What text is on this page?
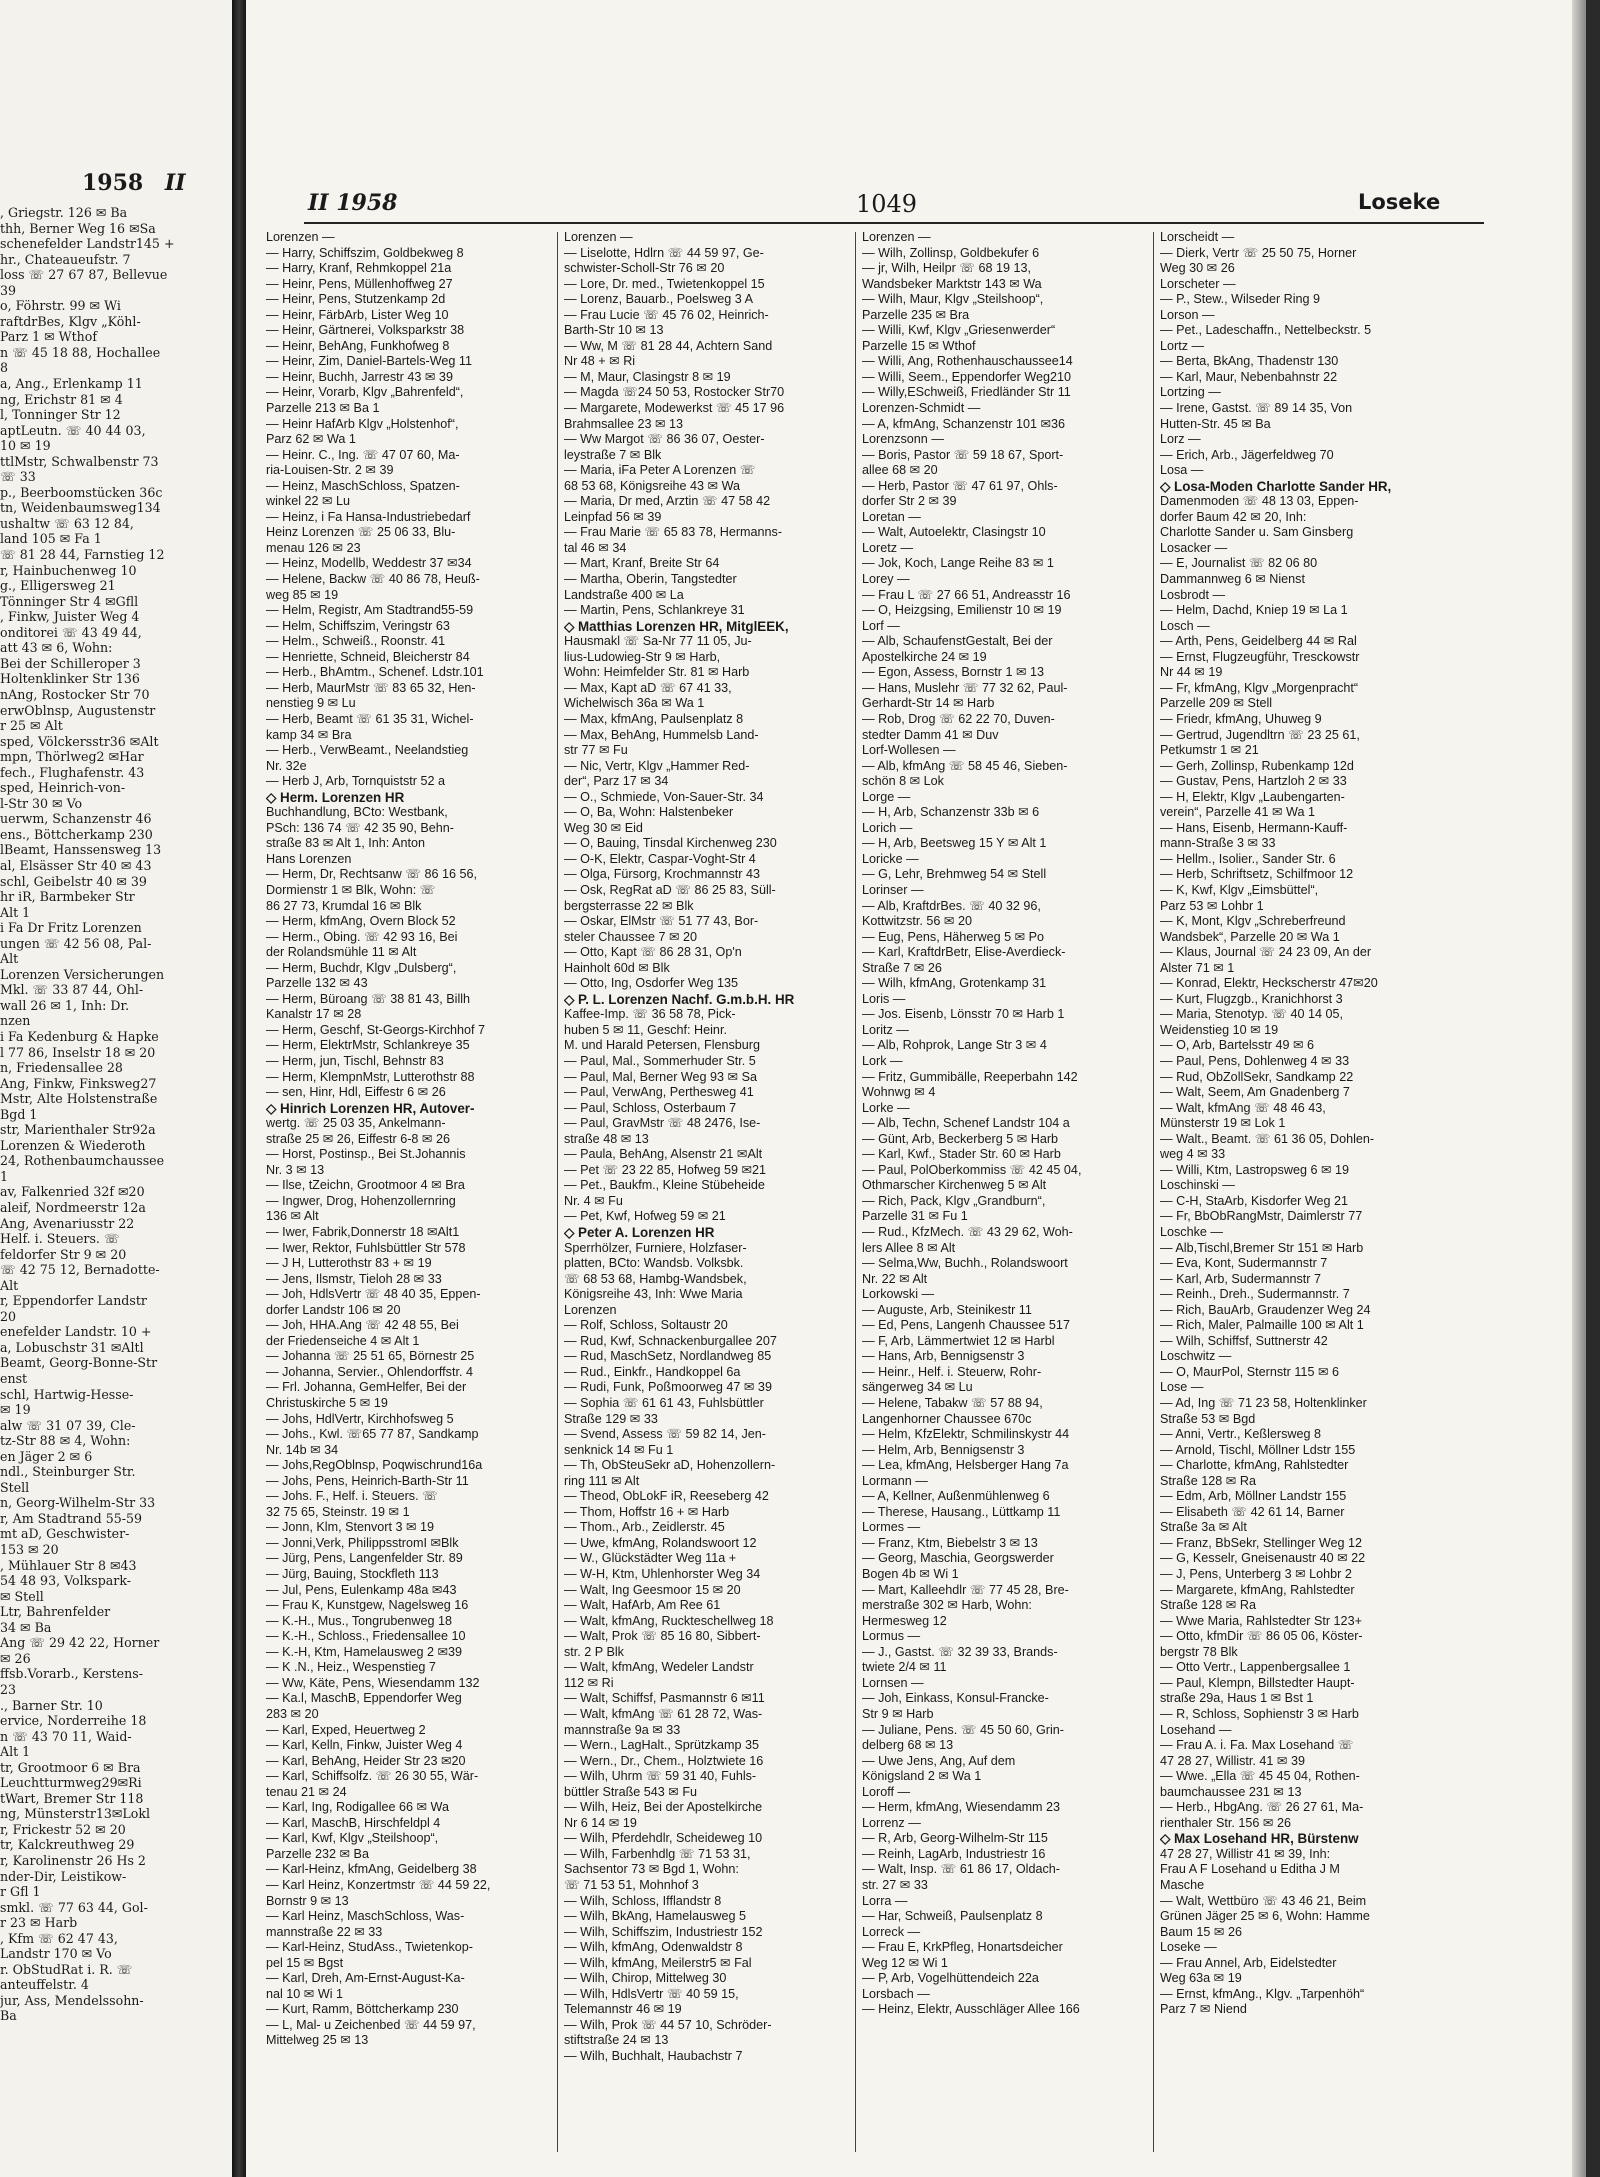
1958 II
, Griegstr. 126 ✉ Ba
thh, Berner Weg 16 ✉Sa
schenefelder Landstr145 +
hr., Chateaueufstr. 7
loss ☏ 27 67 87, Bellevue
39
o, Föhrstr. 99 ✉ Wi
raftdrBes, Klgv „Köhl-
Parz 1 ✉ Wthof
n ☏ 45 18 88, Hochallee
8
a, Ang., Erlenkamp 11
ng, Erichstr 81 ✉ 4
l, Tonninger Str 12
aptLeutn. ☏ 40 44 03,
10 ✉ 19
ttlMstr, Schwalbenstr 73
☏ 33
p., Beerboomstücken 36c
tn, Weidenbaumsweg134
ushaltw ☏ 63 12 84,
land 105 ✉ Fa 1
☏ 81 28 44, Farnstieg 12
r, Hainbuchenweg 10
g., Elligersweg 21
Tönninger Str 4 ✉Gfll
, Finkw, Juister Weg 4
onditorei ☏ 43 49 44,
att 43 ✉ 6, Wohn:
Bei der Schilleroper 3
Holtenklinker Str 136
nAng, Rostocker Str 70
erwOblnsp, Augustenstr
r 25 ✉ Alt
sped, Völckersstr36 ✉Alt
mpn, Thörlweg2 ✉Har
fech., Flughafenstr. 43
sped, Heinrich-von-
l-Str 30 ✉ Vo
uerwm, Schanzenstr 46
ens., Böttcherkamp 230
lBeamt, Hanssensweg 13
al, Elsässer Str 40 ✉ 43
schl, Geibelstr 40 ✉ 39
hr iR, Barmbeker Str
Alt 1
i Fa Dr Fritz Lorenzen
ungen ☏ 42 56 08, Pal-
Alt
Lorenzen Versicherungen
Mkl. ☏ 33 87 44, Ohl-
wall 26 ✉ 1, Inh: Dr.
nzen
i Fa Kedenburg & Hapke
l 77 86, Inselstr 18 ✉ 20
n, Friedensallee 28
Ang, Finkw, Finksweg27
Mstr, Alte Holstenstraße
Bgd 1
str, Marienthaler Str92a
Lorenzen & Wiederoth
24, Rothenbaumchaussee
1
av, Falkenried 32f ✉20
aleif, Nordmeerstr 12a
Ang, Avenariusstr 22
Helf. i. Steuers. ☏
feldorfer Str 9 ✉ 20
☏ 42 75 12, Bernadotte-
Alt
r, Eppendorfer Landstr
20
enefelder Landstr. 10 +
a, Lobuschstr 31 ✉Altl
Beamt, Georg-Bonne-Str
enst
schl, Hartwig-Hesse-
✉ 19
alw ☏ 31 07 39, Cle-
tz-Str 88 ✉ 4, Wohn:
en Jäger 2 ✉ 6
ndl., Steinburger Str.
Stell
n, Georg-Wilhelm-Str 33
r, Am Stadtrand 55-59
mt aD, Geschwister-
153 ✉ 20
, Mühlauer Str 8 ✉43
54 48 93, Volkspark-
✉ Stell
Ltr, Bahrenfelder
34 ✉ Ba
Ang ☏ 29 42 22, Horner
✉ 26
ffsb.Vorarb., Kerstens-
23
., Barner Str. 10
ervice, Norderreihe 18
n ☏ 43 70 11, Waid-
Alt 1
tr, Grootmoor 6 ✉ Bra
Leuchtturmweg29✉Ri
tWart, Bremer Str 118
ng, Münsterstr13✉Lokl
r, Frickestr 52 ✉ 20
tr, Kalckreuthweg 29
r, Karolinenstr 26 Hs 2
nder-Dir, Leistikow-
r Gfl 1
smkl. ☏ 77 63 44, Gol-
r 23 ✉ Harb
, Kfm ☏ 62 47 43,
Landstr 170 ✉ Vo
r. ObStudRat i. R. ☏
anteuffelstr. 4
jur, Ass, Mendelssohn-
Ba
II 1958	1049	Loseke
Lorenzen —
— Harry, Schiffszim, Goldbekweg 8
— Harry, Kranf, Rehmkoppel 21a
— Heinr, Pens, Müllenhoffweg 27
— Heinr, Pens, Stutzenkamp 2d
— Heinr, FärbArb, Lister Weg 10
— Heinr, Gärtnerei, Volksparkstr 38
— Heinr, BehAng, Funkhofweg 8
— Heinr, Zim, Daniel-Bartels-Weg 11
— Heinr, Buchh, Jarrestr 43 ✉ 39
— Heinr, Vorarb, Klgv „Bahrenfeld“,
Parzelle 213 ✉ Ba 1
— Heinr HafArb Klgv „Holstenhof“,
Parz 62 ✉ Wa 1
— Heinr. C., Ing. ☏ 47 07 60, Ma-
ria-Louisen-Str. 2 ✉ 39
— Heinz, MaschSchloss, Spatzen-
winkel 22 ✉ Lu
— Heinz, i Fa Hansa-Industriebedarf
Heinz Lorenzen ☏ 25 06 33, Blu-
menau 126 ✉ 23
— Heinz, Modellb, Weddestr 37 ✉34
— Helene, Backw ☏ 40 86 78, Heuß-
weg 85 ✉ 19
— Helm, Registr, Am Stadtrand55-59
— Helm, Schiffszim, Veringstr 63
— Helm., Schweiß., Roonstr. 41
— Henriette, Schneid, Bleicherstr 84
— Herb., BhAmtm., Schenef. Ldstr.101
— Herb, MaurMstr ☏ 83 65 32, Hen-
nenstieg 9 ✉ Lu
— Herb, Beamt ☏ 61 35 31, Wichel-
kamp 34 ✉ Bra
— Herb., VerwBeamt., Neelandstieg
Nr. 32e
— Herb J, Arb, Tornquiststr 52 a
◇ Herm. Lorenzen HR
Buchhandlung, BCto: Westbank,
PSch: 136 74 ☏ 42 35 90, Behn-
straße 83 ✉ Alt 1, Inh: Anton
Hans Lorenzen
— Herm, Dr, Rechtsanw ☏ 86 16 56,
Dormienstr 1 ✉ Blk, Wohn: ☏
86 27 73, Krumdal 16 ✉ Blk
— Herm, kfmAng, Overn Block 52
— Herm., Obing. ☏ 42 93 16, Bei
der Rolandsmühle 11 ✉ Alt
— Herm, Buchdr, Klgv „Dulsberg“,
Parzelle 132 ✉ 43
— Herm, Büroang ☏ 38 81 43, Billh
Kanalstr 17 ✉ 28
— Herm, Geschf, St-Georgs-Kirchhof 7
— Herm, ElektrMstr, Schlankreye 35
— Herm, jun, Tischl, Behnstr 83
— Herm, KlempnMstr, Lutterothstr 88
— sen, Hinr, Hdl, Eiffestr 6 ✉ 26
◇ Hinrich Lorenzen HR, Autover-
wertg. ☏ 25 03 35, Ankelmann-
straße 25 ✉ 26, Eiffestr 6-8 ✉ 26
— Horst, Postinsp., Bei St.Johannis
Nr. 3 ✉ 13
— Ilse, tZeichn, Grootmoor 4 ✉ Bra
— Ingwer, Drog, Hohenzollernring
136 ✉ Alt
— Iwer, Fabrik,Donnerstr 18 ✉Alt1
— Iwer, Rektor, Fuhlsbüttler Str 578
— J H, Lutterothstr 83 + ✉ 19
— Jens, Ilsmstr, Tieloh 28 ✉ 33
— Joh, HdlsVertr ☏ 48 40 35, Eppen-
dorfer Landstr 106 ✉ 20
— Joh, HHA.Ang ☏ 42 48 55, Bei
der Friedenseiche 4 ✉ Alt 1
— Johanna ☏ 25 51 65, Börnestr 25
— Johanna, Servier., Ohlendorffstr. 4
— Frl. Johanna, GemHelfer, Bei der
Christuskirche 5 ✉ 19
— Johs, HdlVertr, Kirchhofsweg 5
— Johs., Kwl. ☏65 77 87, Sandkamp
Nr. 14b ✉ 34
— Johs,RegOblnsp, Poqwischrund16a
— Johs, Pens, Heinrich-Barth-Str 11
— Johs. F., Helf. i. Steuers. ☏
32 75 65, Steinstr. 19 ✉ 1
— Jonn, Klm, Stenvort 3 ✉ 19
— Jonni,Verk, PhilippsstromI ✉Blk
— Jürg, Pens, Langenfelder Str. 89
— Jürg, Bauing, Stockfleth 113
— Jul, Pens, Eulenkamp 48a ✉43
— Frau K, Kunstgew, Nagelsweg 16
— K.-H., Mus., Tongrubenweg 18
— K.-H., Schloss., Friedensallee 10
— K.-H, Ktm, Hamelausweg 2 ✉39
— K .N., Heiz., Wespenstieg 7
— Ww, Käte, Pens, Wiesendamm 132
— Ka.l, MaschB, Eppendorfer Weg
283 ✉ 20
— Karl, Exped, Heuertweg 2
— Karl, Kelln, Finkw, Juister Weg 4
— Karl, BehAng, Heider Str 23 ✉20
— Karl, Schiffsolfz. ☏ 26 30 55, Wär-
tenau 21 ✉ 24
— Karl, Ing, Rodigallee 66 ✉ Wa
— Karl, MaschB, Hirschfeldpl 4
— Karl, Kwf, Klgv „Steilshoop“,
Parzelle 232 ✉ Ba
— Karl-Heinz, kfmAng, Geidelberg 38
— Karl Heinz, Konzertmstr ☏ 44 59 22,
Bornstr 9 ✉ 13
— Karl Heinz, MaschSchloss, Was-
mannstraße 22 ✉ 33
— Karl-Heinz, StudAss., Twietenkop-
pel 15 ✉ Bgst
— Karl, Dreh, Am-Ernst-August-Ka-
nal 10 ✉ Wi 1
— Kurt, Ramm, Böttcherkamp 230
— L, Mal- u Zeichenbed ☏ 44 59 97,
Mittelweg 25 ✉ 13
Lorenzen —
— Liselotte, Hdlrn ☏ 44 59 97, Ge-
schwister-Scholl-Str 76 ✉ 20
— Lore, Dr. med., Twietenkoppel 15
— Lorenz, Bauarb., Poelsweg 3 A
— Frau Lucie ☏ 45 76 02, Heinrich-
Barth-Str 10 ✉ 13
— Ww, M ☏ 81 28 44, Achtern Sand
Nr 48 + ✉ Ri
— M, Maur, Clasingstr 8 ✉ 19
— Magda ☏24 50 53, Rostocker Str70
— Margarete, Modewerkst ☏ 45 17 96
Brahmsallee 23 ✉ 13
— Ww Margot ☏ 86 36 07, Oester-
leystraße 7 ✉ Blk
— Maria, iFa Peter A Lorenzen ☏
68 53 68, Königsreihe 43 ✉ Wa
— Maria, Dr med, Arztin ☏ 47 58 42
Leinpfad 56 ✉ 39
— Frau Marie ☏ 65 83 78, Hermanns-
tal 46 ✉ 34
— Mart, Kranf, Breite Str 64
— Martha, Oberin, Tangstedter
Landstraße 400 ✉ La
— Martin, Pens, Schlankreye 31
◇ Matthias Lorenzen HR, MitglEEK,
Hausmakl ☏ Sa-Nr 77 11 05, Ju-
lius-Ludowieg-Str 9 ✉ Harb,
Wohn: Heimfelder Str. 81 ✉ Harb
— Max, Kapt aD ☏ 67 41 33,
Wichelwisch 36a ✉ Wa 1
— Max, kfmAng, Paulsenplatz 8
— Max, BehAng, Hummelsb Land-
str 77 ✉ Fu
— Nic, Vertr, Klgv „Hammer Red-
der“, Parz 17 ✉ 34
— O., Schmiede, Von-Sauer-Str. 34
— O, Ba, Wohn: Halstenbeker
Weg 30 ✉ Eid
— O, Bauing, Tinsdal Kirchenweg 230
— O-K, Elektr, Caspar-Voght-Str 4
— Olga, Fürsorg, Krochmannstr 43
— Osk, RegRat aD ☏ 86 25 83, Süll-
bergsterrasse 22 ✉ Blk
— Oskar, ElMstr ☏ 51 77 43, Bor-
steler Chaussee 7 ✉ 20
— Otto, Kapt ☏ 86 28 31, Op'n
Hainholt 60d ✉ Blk
— Otto, Ing, Osdorfer Weg 135
◇ P. L. Lorenzen Nachf. G.m.b.H. HR
Kaffee-Imp. ☏ 36 58 78, Pick-
huben 5 ✉ 11, Geschf: Heinr.
M. und Harald Petersen, Flensburg
— Paul, Mal., Sommerhuder Str. 5
— Paul, Mal, Berner Weg 93 ✉ Sa
— Paul, VerwAng, Perthesweg 41
— Paul, Schloss, Osterbaum 7
— Paul, GravMstr ☏ 48 2476, Ise-
straße 48 ✉ 13
— Paula, BehAng, Alsenstr 21 ✉Alt
— Pet ☏ 23 22 85, Hofweg 59 ✉21
— Pet., Baukfm., Kleine Stübeheide
Nr. 4 ✉ Fu
— Pet, Kwf, Hofweg 59 ✉ 21
◇ Peter A. Lorenzen HR
Sperrhölzer, Furniere, Holzfaser-
platten, BCto: Wandsb. Volksbk.
☏ 68 53 68, Hambg-Wandsbek,
Königsreihe 43, Inh: Wwe Maria
Lorenzen
— Rolf, Schloss, Soltaustr 20
— Rud, Kwf, Schnackenburgallee 207
— Rud, MaschSetz, Nordlandweg 85
— Rud., Einkfr., Handkoppel 6a
— Rudi, Funk, Poßmoorweg 47 ✉ 39
— Sophia ☏ 61 61 43, Fuhlsbüttler
Straße 129 ✉ 33
— Svend, Assess ☏ 59 82 14, Jen-
senknick 14 ✉ Fu 1
— Th, ObSteuSekr aD, Hohenzollern-
ring 111 ✉ Alt
— Theod, ObLokF iR, Reeseberg 42
— Thom, Hoffstr 16 + ✉ Harb
— Thom., Arb., Zeidlerstr. 45
— Uwe, kfmAng, Rolandswoort 12
— W., Glückstädter Weg 11a +
— W-H, Ktm, Uhlenhorster Weg 34
— Walt, Ing Geesmoor 15 ✉ 20
— Walt, HafArb, Am Ree 61
— Walt, kfmAng, Ruckteschellweg 18
— Walt, Prok ☏ 85 16 80, Sibbert-
str. 2 P Blk
— Walt, kfmAng, Wedeler Landstr
112 ✉ Ri
— Walt, Schiffsf, Pasmannstr 6 ✉11
— Walt, kfmAng ☏ 61 28 72, Was-
mannstraße 9a ✉ 33
— Wern., LagHalt., Sprützkamp 35
— Wern., Dr., Chem., Holztwiete 16
— Wilh, Uhrm ☏ 59 31 40, Fuhls-
büttler Straße 543 ✉ Fu
— Wilh, Heiz, Bei der Apostelkirche
Nr 6 14 ✉ 19
— Wilh, Pferdehdlr, Scheideweg 10
— Wilh, Farbenhdlg ☏ 71 53 31,
Sachsentor 73 ✉ Bgd 1, Wohn:
☏ 71 53 51, Mohnhof 3
— Wilh, Schloss, Ifflandstr 8
— Wilh, BkAng, Hamelausweg 5
— Wilh, Schiffszim, Industriestr 152
— Wilh, kfmAng, Odenwaldstr 8
— Wilh, kfmAng, Meilerstr5 ✉ Fal
— Wilh, Chirop, Mittelweg 30
— Wilh, HdlsVertr ☏ 40 59 15,
Telemannstr 46 ✉ 19
— Wilh, Prok ☏ 44 57 10, Schröder-
stiftstraße 24 ✉ 13
— Wilh, Buchhalt, Haubachstr 7
Lorenzen —
— Wilh, Zollinsp, Goldbekufer 6
— jr, Wilh, Heilpr ☏ 68 19 13,
Wandsbeker Marktstr 143 ✉ Wa
— Wilh, Maur, Klgv „Steilshoop“,
Parzelle 235 ✉ Bra
— Willi, Kwf, Klgv „Griesenwerder“
Parzelle 15 ✉ Wthof
— Willi, Ang, Rothenhauschaussee14
— Willi, Seem., Eppendorfer Weg210
— Willy,ESchweiß, Friedländer Str 11
Lorenzen-Schmidt —
— A, kfmAng, Schanzenstr 101 ✉36
Lorenzsonn —
— Boris, Pastor ☏ 59 18 67, Sport-
allee 68 ✉ 20
— Herb, Pastor ☏ 47 61 97, Ohls-
dorfer Str 2 ✉ 39
Loretan —
— Walt, Autoelektr, Clasingstr 10
Loretz —
— Jok, Koch, Lange Reihe 83 ✉ 1
Lorey —
— Frau L ☏ 27 66 51, Andreasstr 16
— O, Heizgsing, Emilienstr 10 ✉ 19
Lorf —
— Alb, SchaufenstGestalt, Bei der
Apostelkirche 24 ✉ 19
— Egon, Assess, Bornstr 1 ✉ 13
— Hans, Muslehr ☏ 77 32 62, Paul-
Gerhardt-Str 14 ✉ Harb
— Rob, Drog ☏ 62 22 70, Duven-
stedter Damm 41 ✉ Duv
Lorf-Wollesen —
— Alb, kfmAng ☏ 58 45 46, Sieben-
schön 8 ✉ Lok
Lorge —
— H, Arb, Schanzenstr 33b ✉ 6
Lorich —
— H, Arb, Beetsweg 15 Y ✉ Alt 1
Loricke —
— G, Lehr, Brehmweg 54 ✉ Stell
Lorinser —
— Alb, KraftdrBes. ☏ 40 32 96,
Kottwitzstr. 56 ✉ 20
— Eug, Pens, Häherweg 5 ✉ Po
— Karl, KraftdrBetr, Elise-Averdieck-
Straße 7 ✉ 26
— Wilh, kfmAng, Grotenkamp 31
Loris —
— Jos. Eisenb, Lönsstr 70 ✉ Harb 1
Loritz —
— Alb, Rohprok, Lange Str 3 ✉ 4
Lork —
— Fritz, Gummibälle, Reeperbahn 142
Wohnwg ✉ 4
Lorke —
— Alb, Techn, Schenef Landstr 104 a
— Günt, Arb, Beckerberg 5 ✉ Harb
— Karl, Kwf., Stader Str. 60 ✉ Harb
— Paul, PolOberkommiss ☏ 42 45 04,
Othmarscher Kirchenweg 5 ✉ Alt
— Rich, Pack, Klgv „Grandburn“,
Parzelle 31 ✉ Fu 1
— Rud., KfzMech. ☏ 43 29 62, Woh-
lers Allee 8 ✉ Alt
— Selma,Ww, Buchh., Rolandswoort
Nr. 22 ✉ Alt
Lorkowski —
— Auguste, Arb, Steinikestr 11
— Ed, Pens, Langenh Chaussee 517
— F, Arb, Lämmertwiet 12 ✉ Harbl
— Hans, Arb, Bennigsenstr 3
— Heinr., Helf. i. Steuerw, Rohr-
sängerweg 34 ✉ Lu
— Helene, Tabakw ☏ 57 88 94,
Langenhorner Chaussee 670c
— Helm, KfzElektr, Schmilinskystr 44
— Helm, Arb, Bennigsenstr 3
— Lea, kfmAng, Helsberger Hang 7a
Lormann —
— A, Kellner, Außenmühlenweg 6
— Therese, Hausang., Lüttkamp 11
Lormes —
— Franz, Ktm, Biebelstr 3 ✉ 13
— Georg, Maschia, Georgswerder
Bogen 4b ✉ Wi 1
— Mart, Kalleehdlr ☏ 77 45 28, Bre-
merstraße 302 ✉ Harb, Wohn:
Hermesweg 12
Lormus —
— J., Gastst. ☏ 32 39 33, Brands-
twiete 2/4 ✉ 11
Lornsen —
— Joh, Einkass, Konsul-Francke-
Str 9 ✉ Harb
— Juliane, Pens. ☏ 45 50 60, Grin-
delberg 68 ✉ 13
— Uwe Jens, Ang, Auf dem
Königsland 2 ✉ Wa 1
Loroff —
— Herm, kfmAng, Wiesendamm 23
Lorrenz —
— R, Arb, Georg-Wilhelm-Str 115
— Reinh, LagArb, Industriestr 16
— Walt, Insp. ☏ 61 86 17, Oldach-
str. 27 ✉ 33
Lorra —
— Har, Schweiß, Paulsenplatz 8
Lorreck —
— Frau E, KrkPfleg, Honartsdeicher
Weg 12 ✉ Wi 1
— P, Arb, Vogelhüttendeich 22a
Lorsbach —
— Heinz, Elektr, Ausschläger Allee 166
Lorscheidt —
— Dierk, Vertr ☏ 25 50 75, Horner
Weg 30 ✉ 26
Lorscheter —
— P., Stew., Wilseder Ring 9
Lorson —
— Pet., Ladeschaffn., Nettelbeckstr. 5
Lortz —
— Berta, BkAng, Thadenstr 130
— Karl, Maur, Nebenbahnstr 22
Lortzing —
— Irene, Gastst. ☏ 89 14 35, Von
Hutten-Str. 45 ✉ Ba
Lorz —
— Erich, Arb., Jägerfeldweg 70
Losa —
◇ Losa-Moden Charlotte Sander HR,
Damenmoden ☏ 48 13 03, Eppen-
dorfer Baum 42 ✉ 20, Inh:
Charlotte Sander u. Sam Ginsberg
Losacker —
— E, Journalist ☏ 82 06 80
Dammannweg 6 ✉ Nienst
Losbrodt —
— Helm, Dachd, Kniep 19 ✉ La 1
Losch —
— Arth, Pens, Geidelberg 44 ✉ Ral
— Ernst, Flugzeugführ, Tresckowstr
Nr 44 ✉ 19
— Fr, kfmAng, Klgv „Morgenpracht“
Parzelle 209 ✉ Stell
— Friedr, kfmAng, Uhuweg 9
— Gertrud, Jugendltrn ☏ 23 25 61,
Petkumstr 1 ✉ 21
— Gerh, Zollinsp, Rubenkamp 12d
— Gustav, Pens, Hartzloh 2 ✉ 33
— H, Elektr, Klgv „Laubengarten-
verein“, Parzelle 41 ✉ Wa 1
— Hans, Eisenb, Hermann-Kauff-
mann-Straße 3 ✉ 33
— Hellm., Isolier., Sander Str. 6
— Herb, Schriftsetz, Schilfmoor 12
— K, Kwf, Klgv „Eimsbüttel“,
Parz 53 ✉ Lohbr 1
— K, Mont, Klgv „Schreberfreund
Wandsbek“, Parzelle 20 ✉ Wa 1
— Klaus, Journal ☏ 24 23 09, An der
Alster 71 ✉ 1
— Konrad, Elektr, Heckscherstr 47✉20
— Kurt, Flugzgb., Kranichhorst 3
— Maria, Stenotyp. ☏ 40 14 05,
Weidenstieg 10 ✉ 19
— O, Arb, Bartelsstr 49 ✉ 6
— Paul, Pens, Dohlenweg 4 ✉ 33
— Rud, ObZollSekr, Sandkamp 22
— Walt, Seem, Am Gnadenberg 7
— Walt, kfmAng ☏ 48 46 43,
Münsterstr 19 ✉ Lok 1
— Walt., Beamt. ☏ 61 36 05, Dohlen-
weg 4 ✉ 33
— Willi, Ktm, Lastropsweg 6 ✉ 19
Loschinski —
— C-H, StaArb, Kisdorfer Weg 21
— Fr, BbObRangMstr, Daimlerstr 77
Loschke —
— Alb,Tischl,Bremer Str 151 ✉ Harb
— Eva, Kont, Sudermannstr 7
— Karl, Arb, Sudermannstr 7
— Reinh., Dreh., Sudermannstr. 7
— Rich, BauArb, Graudenzer Weg 24
— Rich, Maler, Palmaille 100 ✉ Alt 1
— Wilh, Schiffsf, Suttnerstr 42
Loschwitz —
— O, MaurPol, Sternstr 115 ✉ 6
Lose —
— Ad, Ing ☏ 71 23 58, Holtenklinker
Straße 53 ✉ Bgd
— Anni, Vertr., Keßlersweg 8
— Arnold, Tischl, Möllner Ldstr 155
— Charlotte, kfmAng, Rahlstedter
Straße 128 ✉ Ra
— Edm, Arb, Möllner Landstr 155
— Elisabeth ☏ 42 61 14, Barner
Straße 3a ✉ Alt
— Franz, BbSekr, Stellinger Weg 12
— G, Kesselr, Gneisenaustr 40 ✉ 22
— J, Pens, Unterberg 3 ✉ Lohbr 2
— Margarete, kfmAng, Rahlstedter
Straße 128 ✉ Ra
— Wwe Maria, Rahlstedter Str 123+
— Otto, kfmDir ☏ 86 05 06, Köster-
bergstr 78 Blk
— Otto Vertr., Lappenbergsallee 1
— Paul, Klempn, Billstedter Haupt-
straße 29a, Haus 1 ✉ Bst 1
— R, Schloss, Sophienstr 3 ✉ Harb
Losehand —
— Frau A. i. Fa. Max Losehand ☏
47 28 27, Willistr. 41 ✉ 39
— Wwe. „Ella ☏ 45 45 04, Rothen-
baumchaussee 231 ✉ 13
— Herb., HbgAng. ☏ 26 27 61, Ma-
rienthaler Str. 156 ✉ 26
◇ Max Losehand HR, Bürstenw
47 28 27, Willistr 41 ✉ 39, Inh:
Frau A F Losehand u Editha J M
Masche
— Walt, Wettbüro ☏ 43 46 21, Beim
Grünen Jäger 25 ✉ 6, Wohn: Hamme
Baum 15 ✉ 26
Loseke —
— Frau Annel, Arb, Eidelstedter
Weg 63a ✉ 19
— Ernst, kfmAng., Klgv. „Tarpenhöh“
Parz 7 ✉ Niend
